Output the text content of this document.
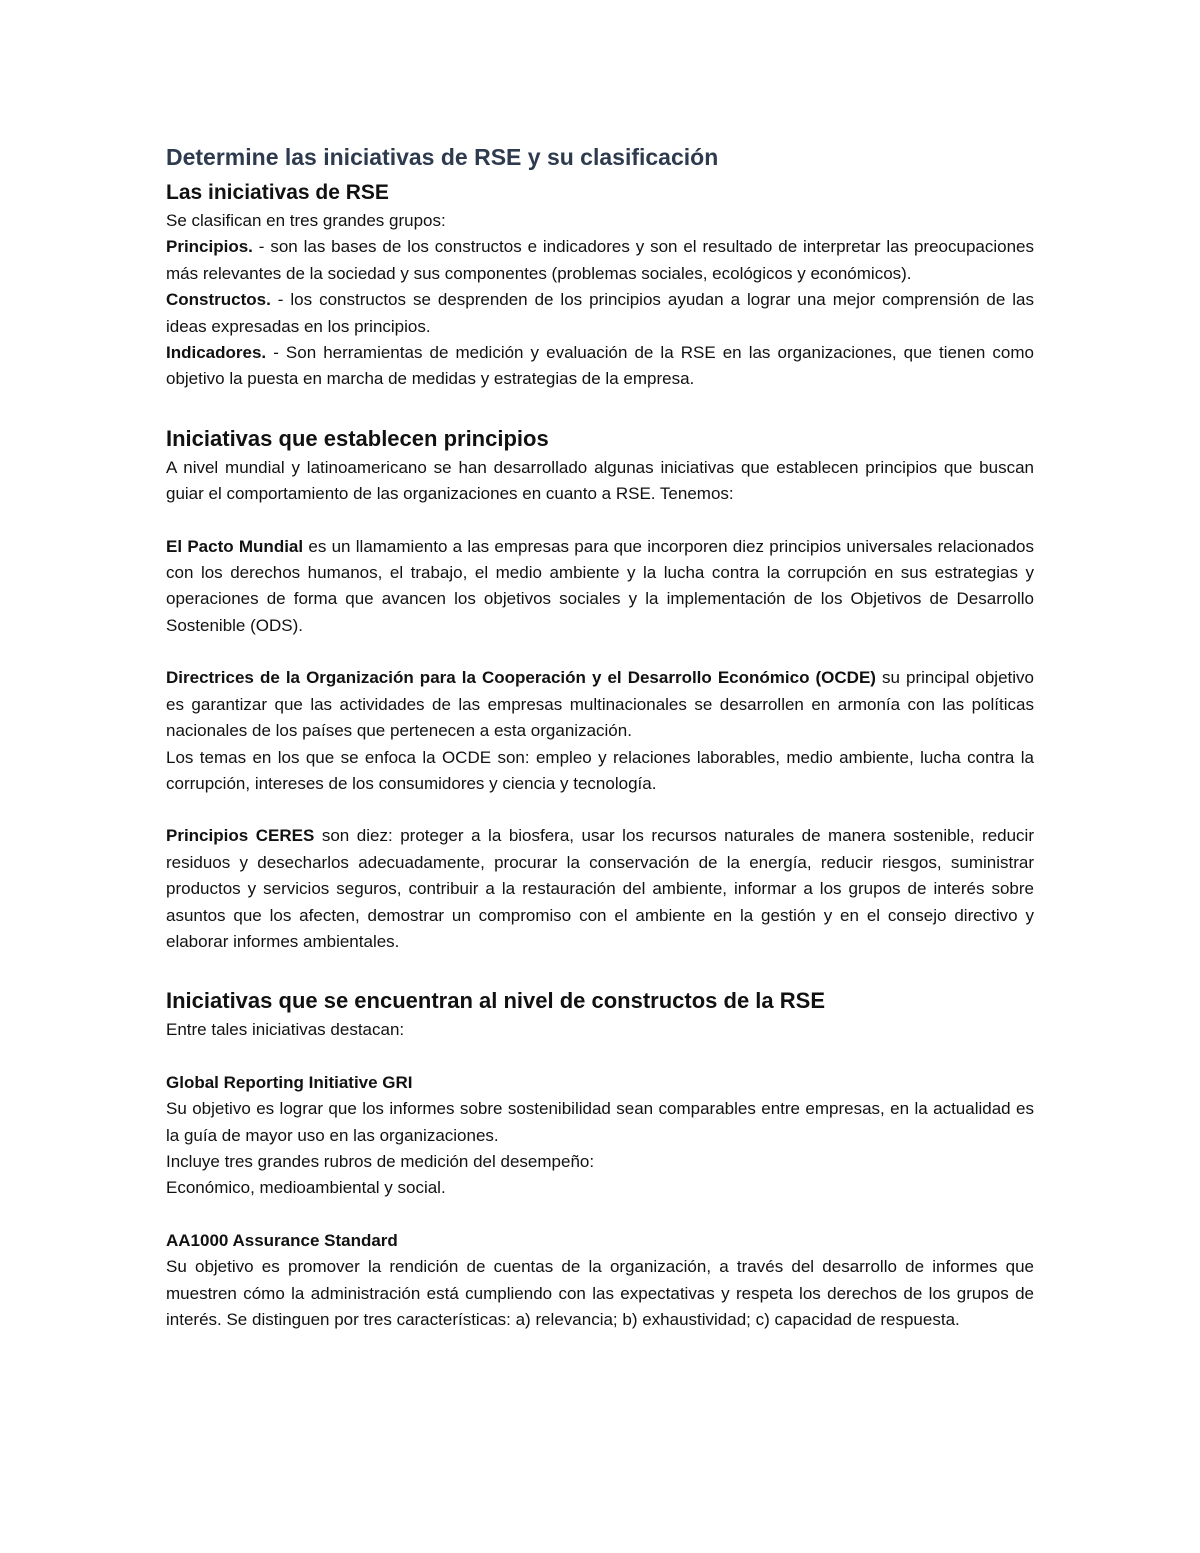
Determine las iniciativas de RSE y su clasificación
Las iniciativas de RSE

Se clasifican en tres grandes grupos:

Principios. - son las bases de los constructos e indicadores y son el resultado de interpretar las preocupaciones más relevantes de la sociedad y sus componentes (problemas sociales, ecológicos y económicos).

Constructos. - los constructos se desprenden de los principios ayudan a lograr una mejor comprensión de las ideas expresadas en los principios.

Indicadores. - Son herramientas de medición y evaluación de la RSE en las organizaciones, que tienen como objetivo la puesta en marcha de medidas y estrategias de la empresa.

Iniciativas que establecen principios

A nivel mundial y latinoamericano se han desarrollado algunas iniciativas que establecen principios que buscan guiar el comportamiento de las organizaciones en cuanto a RSE. Tenemos:

El Pacto Mundial es un llamamiento a las empresas para que incorporen diez principios universales relacionados con los derechos humanos, el trabajo, el medio ambiente y la lucha contra la corrupción en sus estrategias y operaciones de forma que avancen los objetivos sociales y la implementación de los Objetivos de Desarrollo Sostenible (ODS).

Directrices de la Organización para la Cooperación y el Desarrollo Económico (OCDE) su principal objetivo es garantizar que las actividades de las empresas multinacionales se desarrollen en armonía con las políticas nacionales de los países que pertenecen a esta organización.

Los temas en los que se enfoca la OCDE son: empleo y relaciones laborables, medio ambiente, lucha contra la corrupción, intereses de los consumidores y ciencia y tecnología.

Principios CERES son diez: proteger a la biosfera, usar los recursos naturales de manera sostenible, reducir residuos y desecharlos adecuadamente, procurar la conservación de la energía, reducir riesgos, suministrar productos y servicios seguros, contribuir a la restauración del ambiente, informar a los grupos de interés sobre asuntos que los afecten, demostrar un compromiso con el ambiente en la gestión y en el consejo directivo y elaborar informes ambientales.

Iniciativas que se encuentran al nivel de constructos de la RSE

Entre tales iniciativas destacan:

Global Reporting Initiative GRI

Su objetivo es lograr que los informes sobre sostenibilidad sean comparables entre empresas, en la actualidad es la guía de mayor uso en las organizaciones.

Incluye tres grandes rubros de medición del desempeño:

Económico, medioambiental y social.

AA1000 Assurance Standard

Su objetivo es promover la rendición de cuentas de la organización, a través del desarrollo de informes que muestren cómo la administración está cumpliendo con las expectativas y respeta los derechos de los grupos de interés. Se distinguen por tres características: a) relevancia; b) exhaustividad; c) capacidad de respuesta.
